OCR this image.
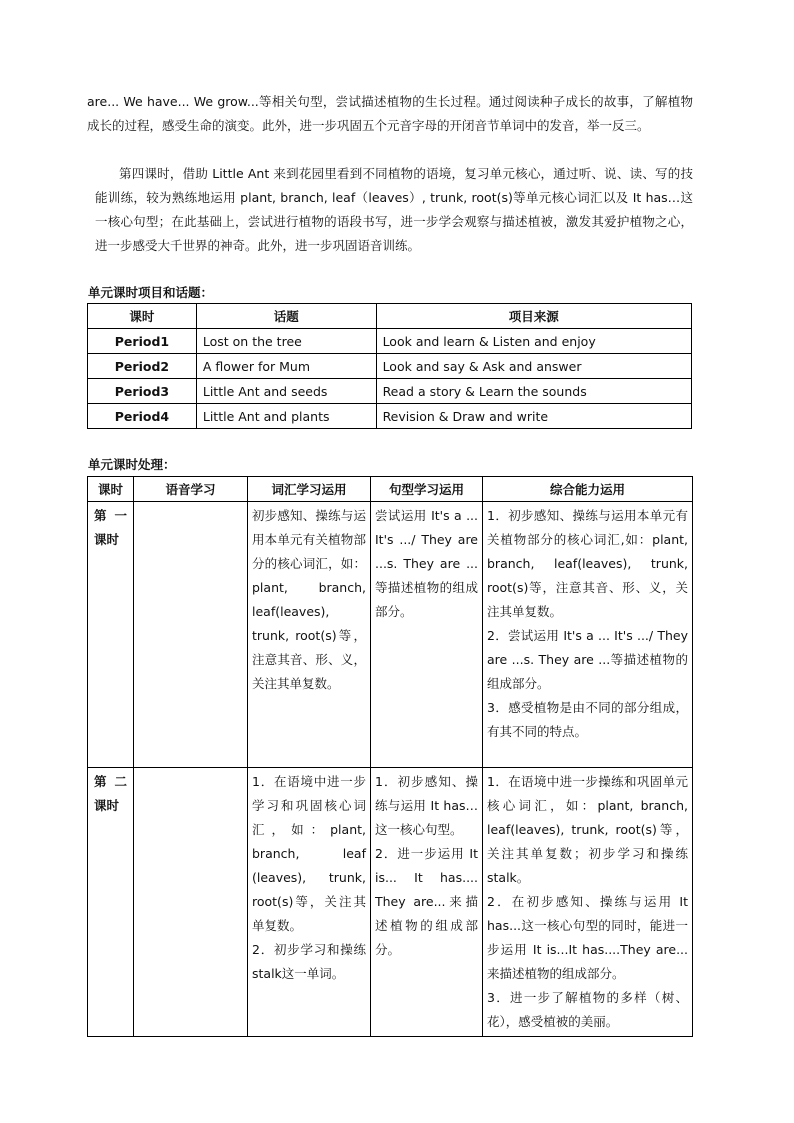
are... We have... We grow...等相关句型，尝试描述植物的生长过程。通过阅读种子成长的故事，了解植物成长的过程，感受生命的演变。此外，进一步巩固五个元音字母的开闭音节单词中的发音，举一反三。

第四课时，借助 Little Ant 来到花园里看到不同植物的语境，复习单元核心，通过听、说、读、写的技能训练，较为熟练地运用 plant, branch, leaf（leaves）, trunk, root(s)等单元核心词汇以及 It has…这一核心句型；在此基础上，尝试进行植物的语段书写，进一步学会观察与描述植被，激发其爱护植物之心，进一步感受大千世界的神奇。此外，进一步巩固语音训练。

单元课时项目和话题：

课时	话题	项目来源
Period1	Lost on the tree	Look and learn & Listen and enjoy
Period2	A flower for Mum	Look and say & Ask and answer
Period3	Little Ant and seeds	Read a story & Learn the sounds
Period4	Little Ant and plants	Revision & Draw and write

单元课时处理：

课时	语音学习	词汇学习运用	句型学习运用	综合能力运用
第一课时		初步感知、操练与运用本单元有关植物部分的核心词汇，如：plant, branch, leaf(leaves), trunk, root(s)等，注意其音、形、义，关注其单复数。	尝试运用 It's a ... It's .../ They are ...s. They are ...等描述植物的组成部分。	1．初步感知、操练与运用本单元有关植物部分的核心词汇,如：plant, branch, leaf(leaves), trunk, root(s)等，注意其音、形、义，关注其单复数。
2．尝试运用 It's a ... It's .../ They are ...s. They are ...等描述植物的组成部分。
3．感受植物是由不同的部分组成，有其不同的特点。
第二课时		1．在语境中进一步学习和巩固核心词汇，如：plant, branch, leaf (leaves), trunk, root(s)等，关注其单复数。
2．初步学习和操练stalk这一单词。	1．初步感知、操练与运用 It has…这一核心句型。
2．进一步运用 It is... It has.... They are...来描述植物的组成部分。	1．在语境中进一步操练和巩固单元核心词汇，如：plant, branch, leaf(leaves), trunk, root(s)等，关注其单复数；初步学习和操练 stalk。
2．在初步感知、操练与运用 It has...这一核心句型的同时，能进一步运用 It is...It has....They are...来描述植物的组成部分。
3．进一步了解植物的多样（树、花），感受植被的美丽。
